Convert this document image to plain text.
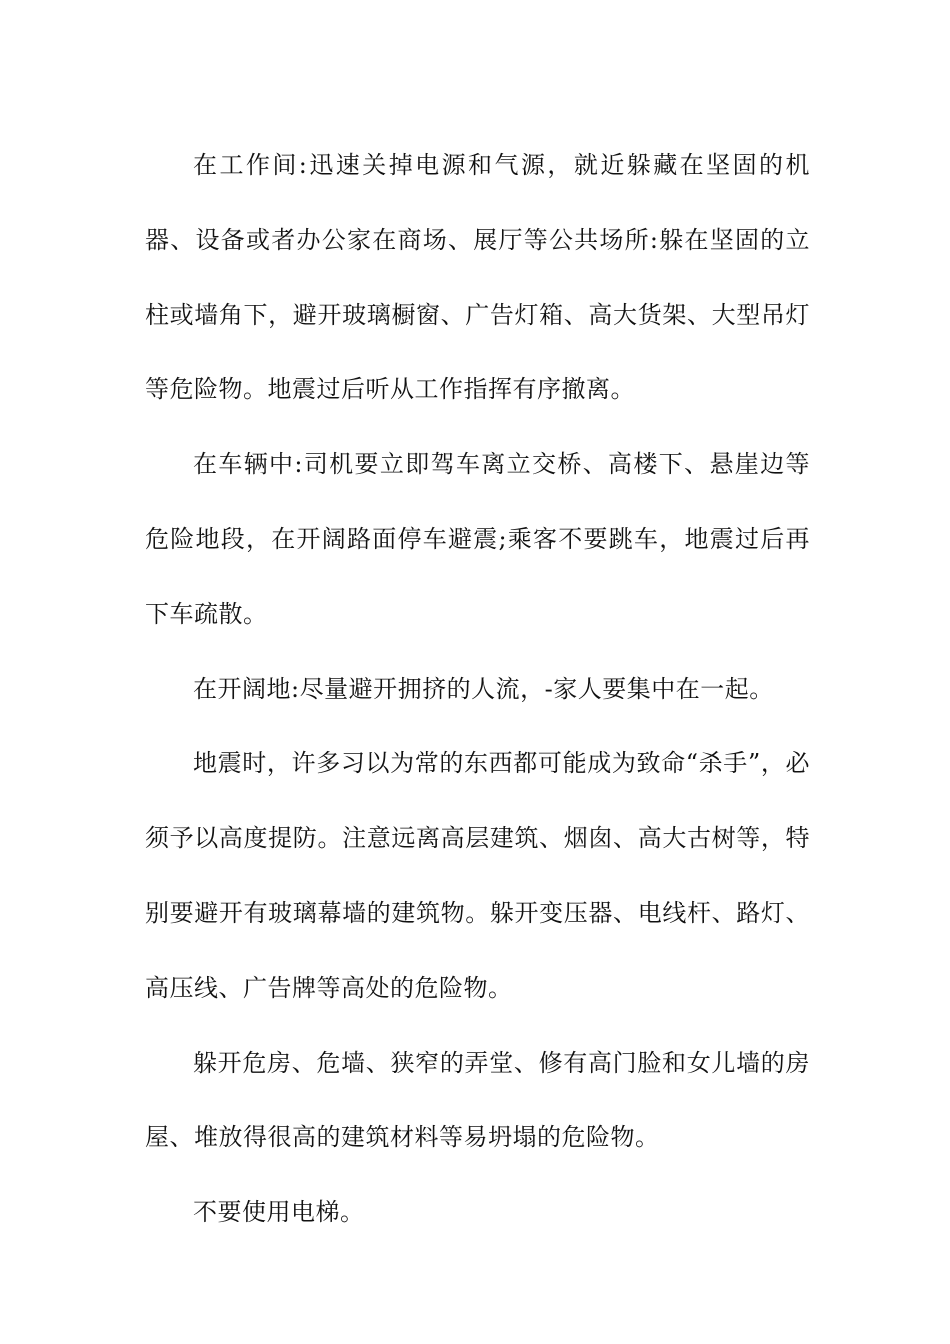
在工作间:迅速关掉电源和气源，就近躲藏在坚固的机器、设备或者办公家在商场、展厅等公共场所:躲在坚固的立柱或墙角下，避开玻璃橱窗、广告灯箱、高大货架、大型吊灯等危险物。地震过后听从工作指挥有序撤离。

在车辆中:司机要立即驾车离立交桥、高楼下、悬崖边等危险地段，在开阔路面停车避震;乘客不要跳车，地震过后再下车疏散。

在开阔地:尽量避开拥挤的人流，-家人要集中在一起。

地震时，许多习以为常的东西都可能成为致命“杀手”，必须予以高度提防。注意远离高层建筑、烟囱、高大古树等，特别要避开有玻璃幕墙的建筑物。躲开变压器、电线杆、路灯、高压线、广告牌等高处的危险物。

躲开危房、危墙、狭窄的弄堂、修有高门脸和女儿墙的房屋、堆放得很高的建筑材料等易坍塌的危险物。

不要使用电梯。
